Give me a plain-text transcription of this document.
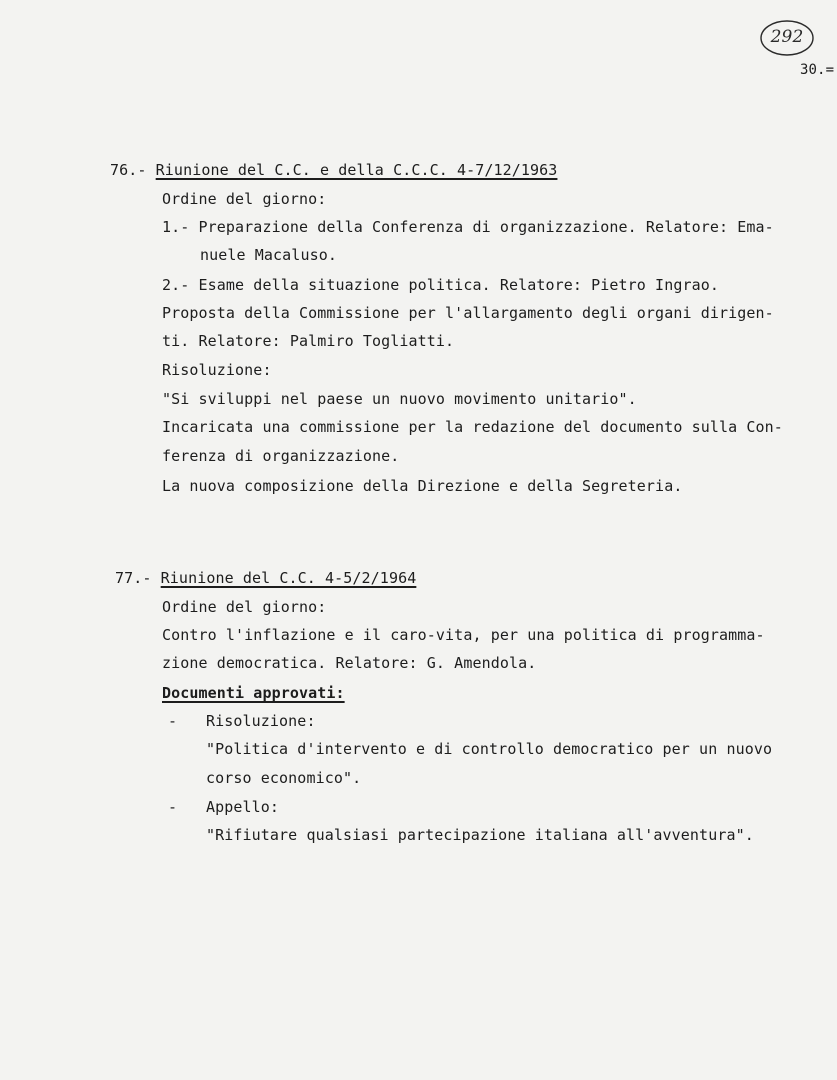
292
30.=
76.- Riunione del C.C. e della C.C.C. 4-7/12/1963
Ordine del giorno:
1.- Preparazione della Conferenza di organizzazione. Relatore: Ema-
nuele Macaluso.
2.- Esame della situazione politica. Relatore: Pietro Ingrao.
Proposta della Commissione per l'allargamento degli organi dirigen-
ti. Relatore: Palmiro Togliatti.
Risoluzione:
"Si sviluppi nel paese un nuovo movimento unitario".
Incaricata una commissione per la redazione del documento sulla Con-
ferenza di organizzazione.
La nuova composizione della Direzione e della Segreteria.
77.- Riunione del C.C. 4-5/2/1964
Ordine del giorno:
Contro l'inflazione e il caro-vita, per una politica di programma-
zione democratica. Relatore: G. Amendola.
Documenti approvati:
- Risoluzione:
"Politica d'intervento e di controllo democratico per un nuovo
corso economico".
- Appello:
"Rifiutare qualsiasi partecipazione italiana all'avventura".
